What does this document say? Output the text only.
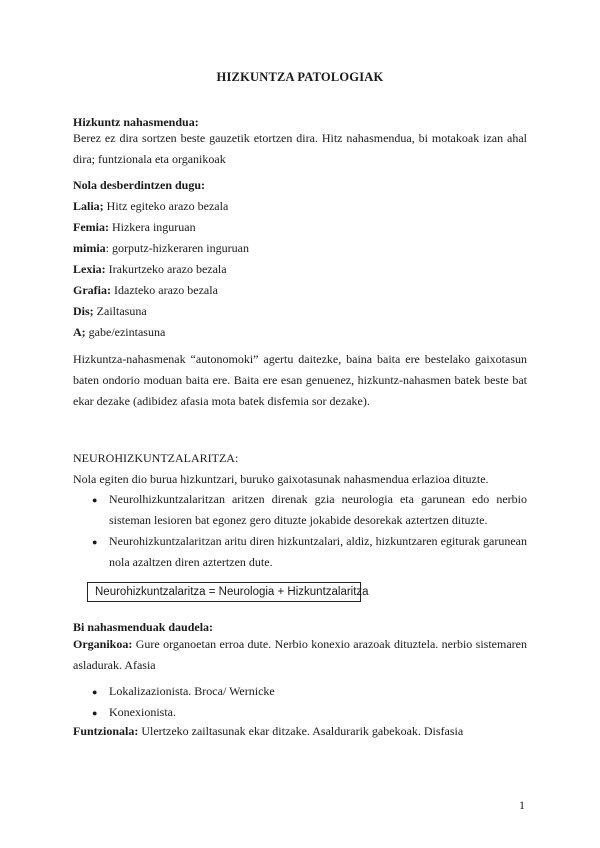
HIZKUNTZA PATOLOGIAK
Hizkuntz nahasmendua:
Berez ez dira sortzen beste gauzetik etortzen dira. Hitz nahasmendua, bi motakoak izan ahal dira; funtzionala eta organikoak
Nola desberdintzen dugu:
Lalia; Hitz egiteko arazo bezala
Femia: Hizkera inguruan
mimia: gorputz-hizkeraren inguruan
Lexia: Irakurtzeko arazo bezala
Grafia: Idazteko arazo bezala
Dis; Zailtasuna
A; gabe/ezintasuna
Hizkuntza-nahasmenak “autonomoki” agertu daitezke, baina baita ere bestelako gaixotasun baten ondorio moduan baita ere. Baita ere esan genuenez, hizkuntz-nahasmen batek beste bat ekar dezake (adibidez afasia mota batek disfemia sor dezake).
NEUROHIZKUNTZALARITZA:
Nola egiten dio burua hizkuntzari, buruko gaixotasunak nahasmendua erlazioa dituzte.
● Neurolhizkuntzalaritzan aritzen direnak gzia neurologia eta garunean edo nerbio sisteman lesioren bat egonez gero dituzte jokabide desorekak aztertzen dituzte.
● Neurohizkuntzalaritzan aritu diren hizkuntzalari, aldiz, hizkuntzaren egiturak garunean nola azaltzen diren aztertzen dute.
Neurohizkuntzalaritza = Neurologia + Hizkuntzalaritza
Bi nahasmenduak daudela:
Organikoa: Gure organoetan erroa dute. Nerbio konexio arazoak dituztela. nerbio sistemaren asladurak. Afasia
● Lokalizazionista. Broca/ Wernicke
● Konexionista.
Funtzionala: Ulertzeko zailtasunak ekar ditzake. Asaldurarik gabekoak. Disfasia
1
